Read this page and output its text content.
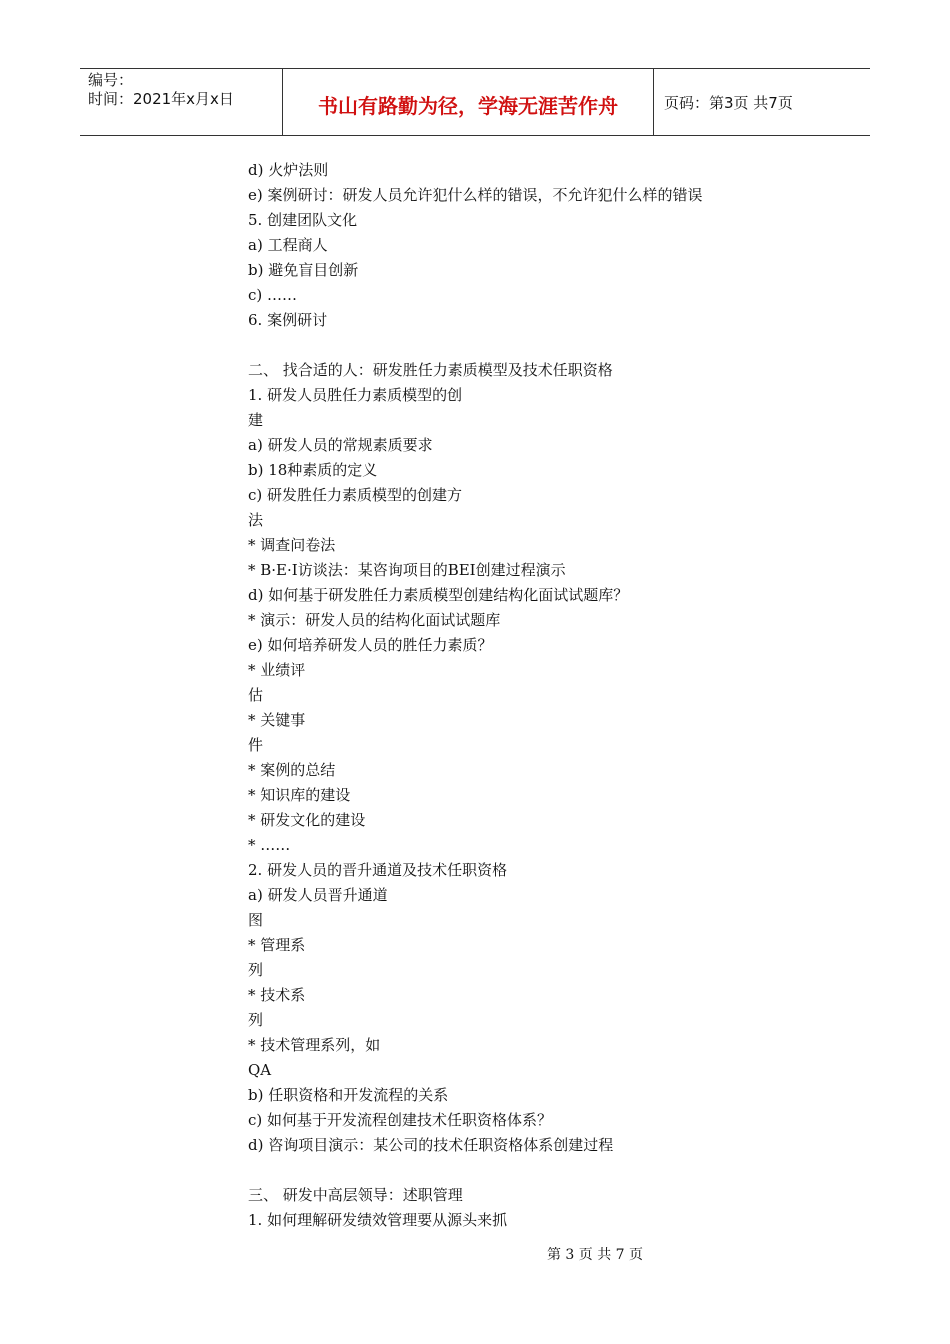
编号：
时间：2021年x月x日	书山有路勤为径，学海无涯苦作舟	页码：第3页 共7页
d) 火炉法则
e) 案例研讨：研发人员允许犯什么样的错误，不允许犯什么样的错误
5. 创建团队文化
a) 工程商人
b) 避免盲目创新
c) ……
6. 案例研讨
二、 找合适的人：研发胜任力素质模型及技术任职资格
1. 研发人员胜任力素质模型的创
建
a) 研发人员的常规素质要求
b) 18种素质的定义
c) 研发胜任力素质模型的创建方
法
* 调查问卷法
* B·E·I访谈法：某咨询项目的BEI创建过程演示
d) 如何基于研发胜任力素质模型创建结构化面试试题库？
* 演示：研发人员的结构化面试试题库
e) 如何培养研发人员的胜任力素质？
* 业绩评
估
* 关键事
件
* 案例的总结
* 知识库的建设
* 研发文化的建设
* ……
2. 研发人员的晋升通道及技术任职资格
a) 研发人员晋升通道
图
* 管理系
列
* 技术系
列
* 技术管理系列，如
QA
b) 任职资格和开发流程的关系
c) 如何基于开发流程创建技术任职资格体系？
d) 咨询项目演示：某公司的技术任职资格体系创建过程
三、 研发中高层领导：述职管理
1. 如何理解研发绩效管理要从源头来抓
第 3 页 共 7 页
